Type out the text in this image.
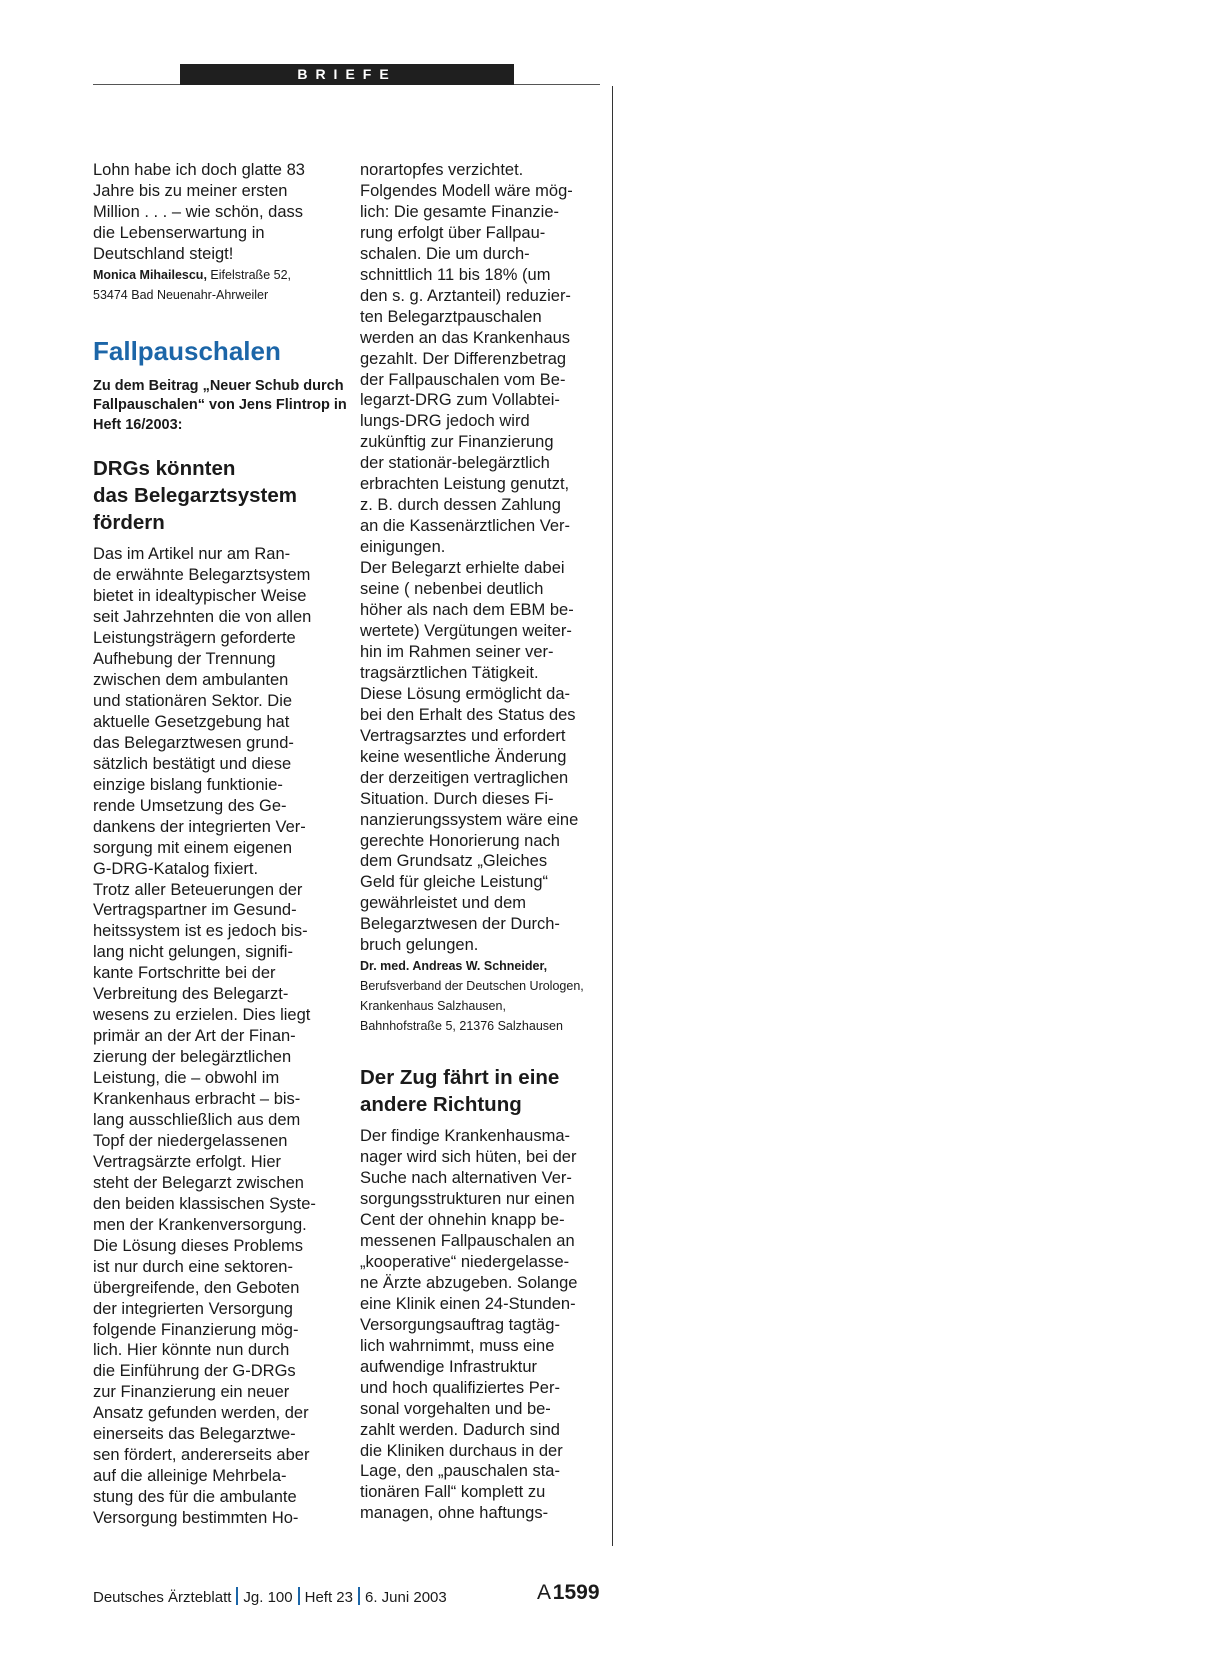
BRIEFE
Lohn habe ich doch glatte 83
Jahre bis zu meiner ersten
Million . . . – wie schön, dass
die Lebenserwartung in
Deutschland steigt!
Monica Mihailescu, Eifelstraße 52,
53474 Bad Neuenahr-Ahrweiler
Fallpauschalen
Zu dem Beitrag „Neuer Schub durch
Fallpauschalen“ von Jens Flintrop in
Heft 16/2003:
DRGs könnten
das Belegarztsystem
fördern
Das im Artikel nur am Ran-
de erwähnte Belegarztsystem
bietet in idealtypischer Weise
seit Jahrzehnten die von allen
Leistungsträgern geforderte
Aufhebung der Trennung
zwischen dem ambulanten
und stationären Sektor. Die
aktuelle Gesetzgebung hat
das Belegarztwesen grund-
sätzlich bestätigt und diese
einzige bislang funktionie-
rende Umsetzung des Ge-
dankens der integrierten Ver-
sorgung mit einem eigenen
G-DRG-Katalog fixiert.
Trotz aller Beteuerungen der
Vertragspartner im Gesund-
heitssystem ist es jedoch bis-
lang nicht gelungen, signifi-
kante Fortschritte bei der
Verbreitung des Belegarzt-
wesens zu erzielen. Dies liegt
primär an der Art der Finan-
zierung der belegärztlichen
Leistung, die – obwohl im
Krankenhaus erbracht – bis-
lang ausschließlich aus dem
Topf der niedergelassenen
Vertragsärzte erfolgt. Hier
steht der Belegarzt zwischen
den beiden klassischen Syste-
men der Krankenversorgung.
Die Lösung dieses Problems
ist nur durch eine sektoren-
übergreifende, den Geboten
der integrierten Versorgung
folgende Finanzierung mög-
lich. Hier könnte nun durch
die Einführung der G-DRGs
zur Finanzierung ein neuer
Ansatz gefunden werden, der
einerseits das Belegarztwe-
sen fördert, andererseits aber
auf die alleinige Mehrbela-
stung des für die ambulante
Versorgung bestimmten Ho-
norartopfes verzichtet.
Folgendes Modell wäre mög-
lich: Die gesamte Finanzie-
rung erfolgt über Fallpau-
schalen. Die um durch-
schnittlich 11 bis 18% (um
den s. g. Arztanteil) reduzier-
ten Belegarztpauschalen
werden an das Krankenhaus
gezahlt. Der Differenzbetrag
der Fallpauschalen vom Be-
legarzt-DRG zum Vollabtei-
lungs-DRG jedoch wird
zukünftig zur Finanzierung
der stationär-belegärztlich
erbrachten Leistung genutzt,
z. B. durch dessen Zahlung
an die Kassenärztlichen Ver-
einigungen.
Der Belegarzt erhielte dabei
seine ( nebenbei deutlich
höher als nach dem EBM be-
wertete) Vergütungen weiter-
hin im Rahmen seiner ver-
tragsärztlichen Tätigkeit.
Diese Lösung ermöglicht da-
bei den Erhalt des Status des
Vertragsarztes und erfordert
keine wesentliche Änderung
der derzeitigen vertraglichen
Situation. Durch dieses Fi-
nanzierungssystem wäre eine
gerechte Honorierung nach
dem Grundsatz „Gleiches
Geld für gleiche Leistung“
gewährleistet und dem
Belegarztwesen der Durch-
bruch gelungen.
Dr. med. Andreas W. Schneider,
Berufsverband der Deutschen Urologen,
Krankenhaus Salzhausen,
Bahnhofstraße 5, 21376 Salzhausen
Der Zug fährt in eine
andere Richtung
Der findige Krankenhausma-
nager wird sich hüten, bei der
Suche nach alternativen Ver-
sorgungsstrukturen nur einen
Cent der ohnehin knapp be-
messenen Fallpauschalen an
„kooperative“ niedergelasse-
ne Ärzte abzugeben. Solange
eine Klinik einen 24-Stunden-
Versorgungsauftrag tagtäg-
lich wahrnimmt, muss eine
aufwendige Infrastruktur
und hoch qualifiziertes Per-
sonal vorgehalten und be-
zahlt werden. Dadurch sind
die Kliniken durchaus in der
Lage, den „pauschalen sta-
tionären Fall“ komplett zu
managen, ohne haftungs-
Deutsches Ärzteblatt Jg. 100 Heft 23 6. Juni 2003	A 1599
